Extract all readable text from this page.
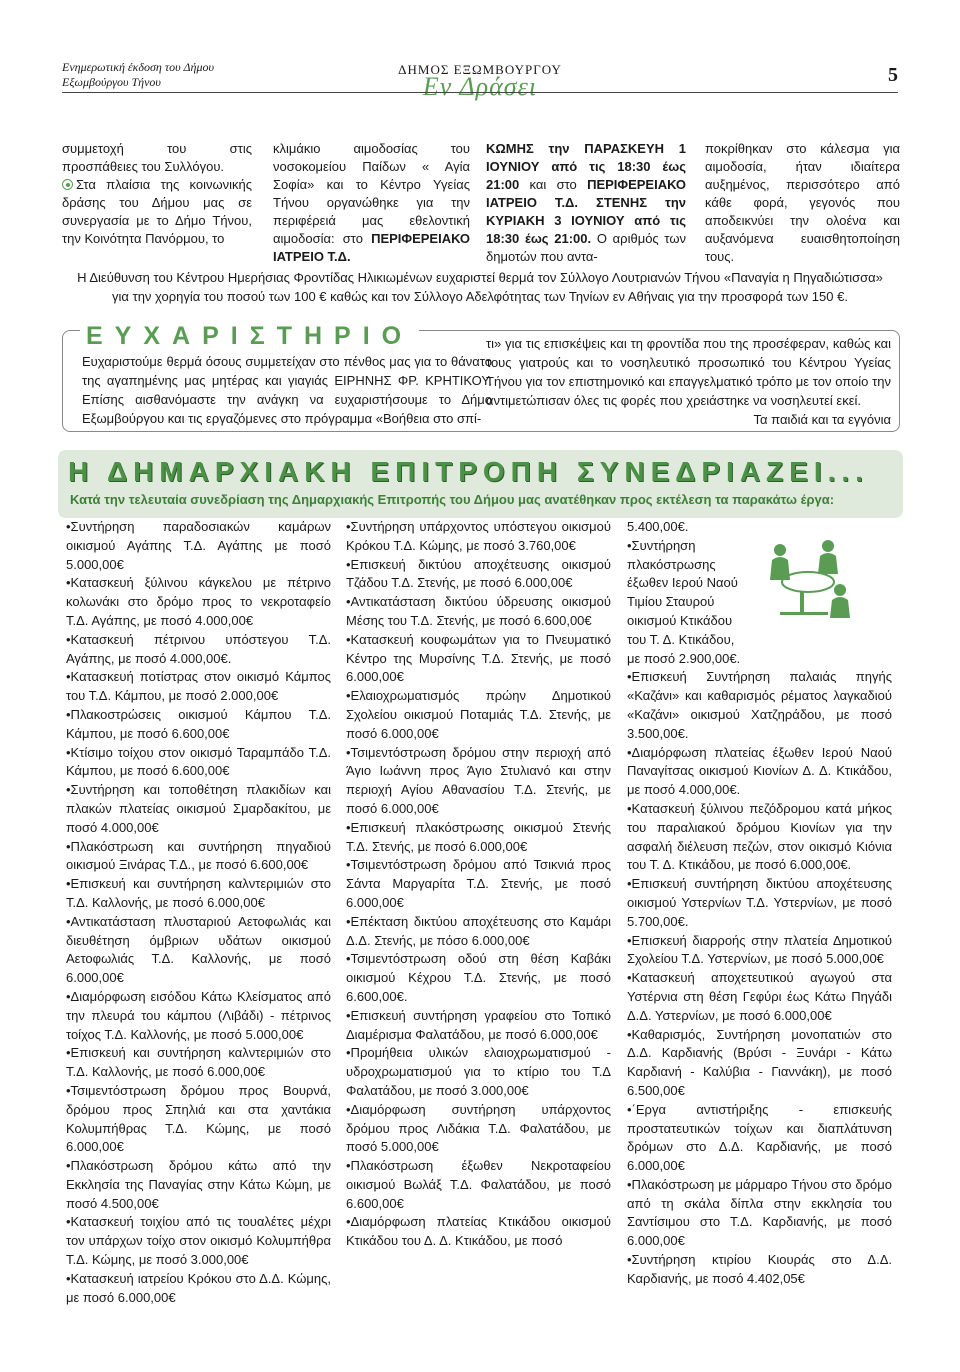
Ενημερωτική έκδοση του Δήμου
Εξωμβούργου Τήνου
ΔΗΜΟΣ ΕΞΩΜΒΟΥΡΓΟΥ
Εν Δράσει	5

συμμετοχή του στις προσπάθειες του Συλλόγου.

Στα πλαίσια της κοινωνικής δράσης του Δήμου μας σε συνεργασία με το Δήμο Τήνου, την Κοινότητα Πανόρμου, το

κλιμάκιο αιμοδοσίας του νοσοκομείου Παίδων « Αγία Σοφία» και το Κέντρο Υγείας Τήνου οργανώθηκε για την περιφέρειά μας εθελοντική αιμοδοσία: στο ΠΕΡΙΦΕΡΕΙΑΚΟ ΙΑΤΡΕΙΟ Τ.Δ.

ΚΩΜΗΣ την ΠΑΡΑΣΚΕΥΗ 1 ΙΟΥΝΙΟΥ από τις 18:30 έως 21:00 και στο ΠΕΡΙΦΕΡΕΙΑΚΟ ΙΑΤΡΕΙΟ Τ.Δ. ΣΤΕΝΗΣ την ΚΥΡΙΑΚΗ 3 ΙΟΥΝΙΟΥ από τις 18:30 έως 21:00. Ο αριθμός των δημοτών που αντα-

ποκρίθηκαν στο κάλεσμα για αιμοδοσία, ήταν ιδιαίτερα αυξημένος, περισσότερο από κάθε φορά, γεγονός που αποδεικνύει την ολοένα και αυξανόμενα ευαισθητοποίηση τους.

Η Διεύθυνση του Κέντρου Ημερήσιας Φροντίδας Ηλικιωμένων ευχαριστεί θερμά τον Σύλλογο Λουτριανών Τήνου «Παναγία η Πηγαδιώτισσα»
για την χορηγία του ποσού των 100 € καθώς και τον Σύλλογο Αδελφότητας των Τηνίων εν Αθήναις για την προσφορά των 150 €.
ΕΥΧΑΡΙΣΤΗΡΙΟ
Ευχαριστούμε θερμά όσους συμμετείχαν στο πένθος μας για το θάνατο της αγαπημένης μας μητέρας και γιαγιάς ΕΙΡΗΝΗΣ ΦΡ. ΚΡΗΤΙΚΟΥ. Επίσης αισθανόμαστε την ανάγκη να ευχαριστήσουμε το Δήμο Εξωμβούργου και τις εργαζόμενες στο πρόγραμμα «Βοήθεια στο σπί-
τι» για τις επισκέψεις και τη φροντίδα που της προσέφεραν, καθώς και τους γιατρούς και το νοσηλευτικό προσωπικό του Κέντρου Υγείας Τήνου για τον επιστημονικό και επαγγελματικό τρόπο με τον οποίο την αντιμετώπισαν όλες τις φορές που χρειάστηκε να νοσηλευτεί εκεί.
Τα παιδιά και τα εγγόνια
Η ΔΗΜΑΡΧΙΑΚΗ ΕΠΙΤΡΟΠΗ ΣΥΝΕΔΡΙΑΖΕΙ...
Κατά την τελευταία συνεδρίαση της Δημαρχιακής Επιτροπής του Δήμου μας ανατέθηκαν προς εκτέλεση τα παρακάτω έργα:

•Συντήρηση παραδοσιακών καμάρων οικισμού Αγάπης Τ.Δ. Αγάπης με ποσό 5.000,00€

•Κατασκευή ξύλινου κάγκελου με πέτρινο κολωνάκι στο δρόμο προς το νεκροταφείο Τ.Δ. Αγάπης, με ποσό 4.000,00€

•Κατασκευή πέτρινου υπόστεγου Τ.Δ. Αγάπης, με ποσό 4.000,00€.

•Κατασκευή ποτίστρας στον οικισμό Κάμπος του Τ.Δ. Κάμπου, με ποσό 2.000,00€

•Πλακοστρώσεις οικισμού Κάμπου Τ.Δ. Κάμπου, με ποσό 6.600,00€

•Κτίσιμο τοίχου στον οικισμό Ταραμπάδο Τ.Δ. Κάμπου, με ποσό 6.600,00€

•Συντήρηση και τοποθέτηση πλακιδίων και πλακών πλατείας οικισμού Σμαρδακίτου, με ποσό 4.000,00€

•Πλακόστρωση και συντήρηση πηγαδιού οικισμού Ξινάρας Τ.Δ., με ποσό 6.600,00€

•Επισκευή και συντήρηση καλντεριμιών στο Τ.Δ. Καλλονής, με ποσό 6.000,00€

•Αντικατάσταση πλυσταριού Αετοφωλιάς και διευθέτηση όμβριων υδάτων οικισμού Αετοφωλιάς Τ.Δ. Καλλονής, με ποσό 6.000,00€

•Διαμόρφωση εισόδου Κάτω Κλείσματος από την πλευρά του κάμπου (Λιβάδι) - πέτρινος τοίχος Τ.Δ. Καλλονής, με ποσό 5.000,00€

•Επισκευή και συντήρηση καλντεριμιών στο Τ.Δ. Καλλονής, με ποσό 6.000,00€

•Τσιμεντόστρωση δρόμου προς Βουρνά, δρόμου προς Σπηλιά και στα χαντάκια Κολυμπήθρας Τ.Δ. Κώμης, με ποσό 6.000,00€

•Πλακόστρωση δρόμου κάτω από την Εκκλησία της Παναγίας στην Κάτω Κώμη, με ποσό 4.500,00€

•Κατασκευή τοιχίου από τις τουαλέτες μέχρι τον υπάρχων τοίχο στον οικισμό Κολυμπήθρα Τ.Δ. Κώμης, με ποσό 3.000,00€

•Κατασκευή ιατρείου Κρόκου στο Δ.Δ. Κώμης, με ποσό 6.000,00€

•Συντήρηση υπάρχοντος υπόστεγου οικισμού Κρόκου Τ.Δ. Κώμης, με ποσό 3.760,00€

•Επισκευή δικτύου αποχέτευσης οικισμού Τζάδου Τ.Δ. Στενής, με ποσό 6.000,00€

•Αντικατάσταση δικτύου ύδρευσης οικισμού Μέσης του Τ.Δ. Στενής, με ποσό 6.600,00€

•Κατασκευή κουφωμάτων για το Πνευματικό Κέντρο της Μυρσίνης Τ.Δ. Στενής, με ποσό 6.000,00€

•Ελαιοχρωματισμός πρώην Δημοτικού Σχολείου οικισμού Ποταμιάς Τ.Δ. Στενής, με ποσό 6.000,00€

•Τσιμεντόστρωση δρόμου στην περιοχή από Άγιο Ιωάννη προς Άγιο Στυλιανό και στην περιοχή Αγίου Αθανασίου Τ.Δ. Στενής, με ποσό 6.000,00€

•Επισκευή πλακόστρωσης οικισμού Στενής Τ.Δ. Στενής, με ποσό 6.000,00€

•Τσιμεντόστρωση δρόμου από Τσικνιά προς Σάντα Μαργαρίτα Τ.Δ. Στενής, με ποσό 6.000,00€

•Επέκταση δικτύου αποχέτευσης στο Καμάρι Δ.Δ. Στενής, με πόσο 6.000,00€

•Τσιμεντόστρωση οδού στη θέση Καβάκι οικισμού Κέχρου Τ.Δ. Στενής, με ποσό 6.600,00€.

•Επισκευή συντήρηση γραφείου στο Τοπικό Διαμέρισμα Φαλατάδου, με ποσό 6.000,00€

•Προμήθεια υλικών ελαιοχρωματισμού - υδροχρωματισμού για το κτίριο του Τ.Δ Φαλατάδου, με ποσό 3.000,00€

•Διαμόρφωση συντήρηση υπάρχοντος δρόμου προς Λιδάκια Τ.Δ. Φαλατάδου, με ποσό 5.000,00€

•Πλακόστρωση έξωθεν Νεκροταφείου οικισμού Βωλάξ Τ.Δ. Φαλατάδου, με ποσό 6.600,00€

•Διαμόρφωση πλατείας Κτικάδου οικισμού Κτικάδου του Δ. Δ. Κτικάδου, με ποσό

5.400,00€.

•Συντήρηση πλακόστρωσης έξωθεν Ιερού Ναού Τιμίου Σταυρού οικισμού Κτικάδου του Τ. Δ. Κτικάδου, με ποσό 2.900,00€.

•Επισκευή Συντήρηση παλαιάς πηγής «Καζάνι» και καθαρισμός ρέματος λαγκαδιού «Καζάνι» οικισμού Χατζηράδου, με ποσό 3.500,00€.

•Διαμόρφωση πλατείας έξωθεν Ιερού Ναού Παναγίτσας οικισμού Κιονίων Δ. Δ. Κτικάδου, με ποσό 4.000,00€.

•Κατασκευή ξύλινου πεζόδρομου κατά μήκος του παραλιακού δρόμου Κιονίων για την ασφαλή διέλευση πεζών, στον οικισμό Κιόνια του Τ. Δ. Κτικάδου, με ποσό 6.000,00€.

•Επισκευή συντήρηση δικτύου αποχέτευσης οικισμού Υστερνίων Τ.Δ. Υστερνίων, με ποσό 5.700,00€.

•Επισκευή διαρροής στην πλατεία Δημοτικού Σχολείου Τ.Δ. Υστερνίων, με ποσό 5.000,00€

•Κατασκευή αποχετευτικού αγωγού στα Υστέρνια στη θέση Γεφύρι έως Κάτω Πηγάδι Δ.Δ. Υστερνίων, με ποσό 6.000,00€

•Καθαρισμός, Συντήρηση μονοπατιών στο Δ.Δ. Καρδιανής (Βρύσι - Ξυνάρι - Κάτω Καρδιανή - Καλύβια - Γιαννάκη), με ποσό 6.500,00€

•΄Εργα αντιστήριξης - επισκευής προστατευτικών τοίχων και διαπλάτυνση δρόμων στο Δ.Δ. Καρδιανής, με ποσό 6.000,00€

•Πλακόστρωση με μάρμαρο Τήνου στο δρόμο από τη σκάλα δίπλα στην εκκλησία του Σαντίσιμου στο Τ.Δ. Καρδιανής, με ποσό 6.000,00€

•Συντήρηση κτιρίου Κιουράς στο Δ.Δ. Καρδιανής, με ποσό 4.402,05€
